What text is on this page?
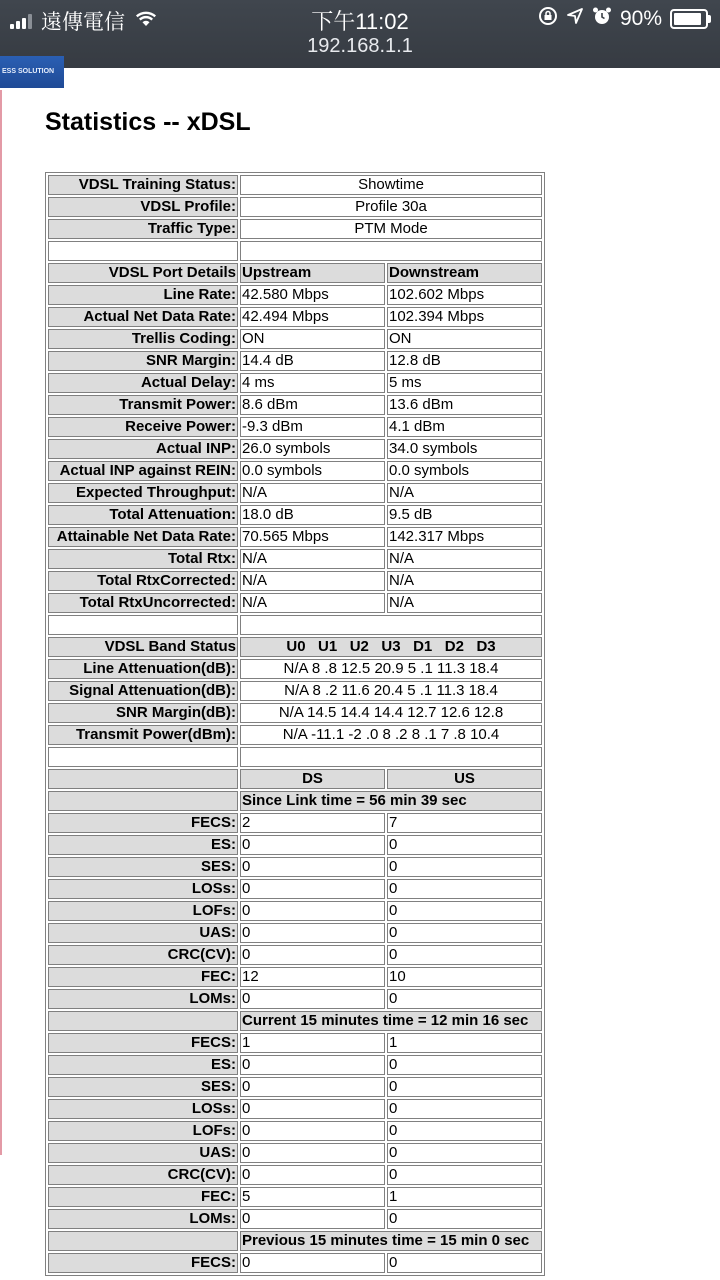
遠傳電信	下午11:02
192.168.1.1
90%
ESS SOLUTION
Statistics -- xDSL
VDSL Training Status:	Showtime	
VDSL Profile:	Profile 30a	
Traffic Type:	PTM Mode	

VDSL Port Details	Upstream	Downstream
Line Rate:	42.580 Mbps	102.602 Mbps
Actual Net Data Rate:	42.494 Mbps	102.394 Mbps
Trellis Coding:	ON	ON
SNR Margin:	14.4 dB	12.8 dB
Actual Delay:	4 ms	5 ms
Transmit Power:	8.6 dBm	13.6 dBm
Receive Power:	-9.3 dBm	4.1 dBm
Actual INP:	26.0 symbols	34.0 symbols
Actual INP against REIN:	0.0 symbols	0.0 symbols
Expected Throughput:	N/A	N/A
Total Attenuation:	18.0 dB	9.5 dB
Attainable Net Data Rate:	70.565 Mbps	142.317 Mbps
Total Rtx:	N/A	N/A
Total RtxCorrected:	N/A	N/A
Total RtxUncorrected:	N/A	N/A

VDSL Band Status	U0   U1   U2   U3   D1   D2   D3	
Line Attenuation(dB):	N/A 8 .8 12.5 20.9 5 .1 11.3 18.4	
Signal Attenuation(dB):	N/A 8 .2 11.6 20.4 5 .1 11.3 18.4	
SNR Margin(dB):	N/A 14.5 14.4 14.4 12.7 12.6 12.8	
Transmit Power(dBm):	N/A -11.1 -2 .0 8 .2 8 .1 7 .8 10.4	

	DS	US
	Since Link time = 56 min 39 sec	
FECS:	2	7
ES:	0	0
SES:	0	0
LOSs:	0	0
LOFs:	0	0
UAS:	0	0
CRC(CV):	0	0
FEC:	12	10
LOMs:	0	0
	Current 15 minutes time = 12 min 16 sec	
FECS:	1	1
ES:	0	0
SES:	0	0
LOSs:	0	0
LOFs:	0	0
UAS:	0	0
CRC(CV):	0	0
FEC:	5	1
LOMs:	0	0
	Previous 15 minutes time = 15 min 0 sec	
FECS:	0	0
